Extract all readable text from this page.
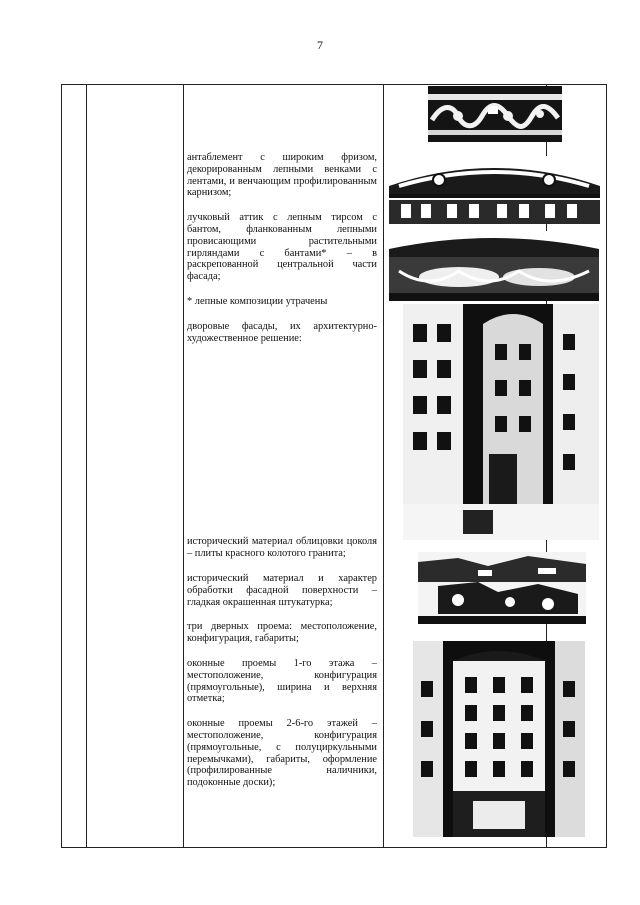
7

антаблемент с широким фризом, декорированным лепными венками с лентами, и венчающим профилированным карнизом;

лучковый аттик с лепным тирсом с бантом, фланкованным лепными провисающими растительными гирляндами с бантами* – в раскрепованной центральной части фасада;

* лепные композиции утрачены

дворовые фасады, их архитектурно-художественное решение:

исторический материал облицовки цоколя – плиты красного колотого гранита;

исторический материал и характер обработки фасадной поверхности – гладкая окрашенная штукатурка;

три дверных проема: местоположение, конфигурация, габариты;

оконные проемы 1-го этажа – местоположение, конфигурация (прямоугольные), ширина и верхняя отметка;

оконные проемы 2-6-го этажей – местоположение, конфигурация (прямоугольные, с полуциркульными перемычками), габариты, оформление (профилированные наличники, подоконные доски);
